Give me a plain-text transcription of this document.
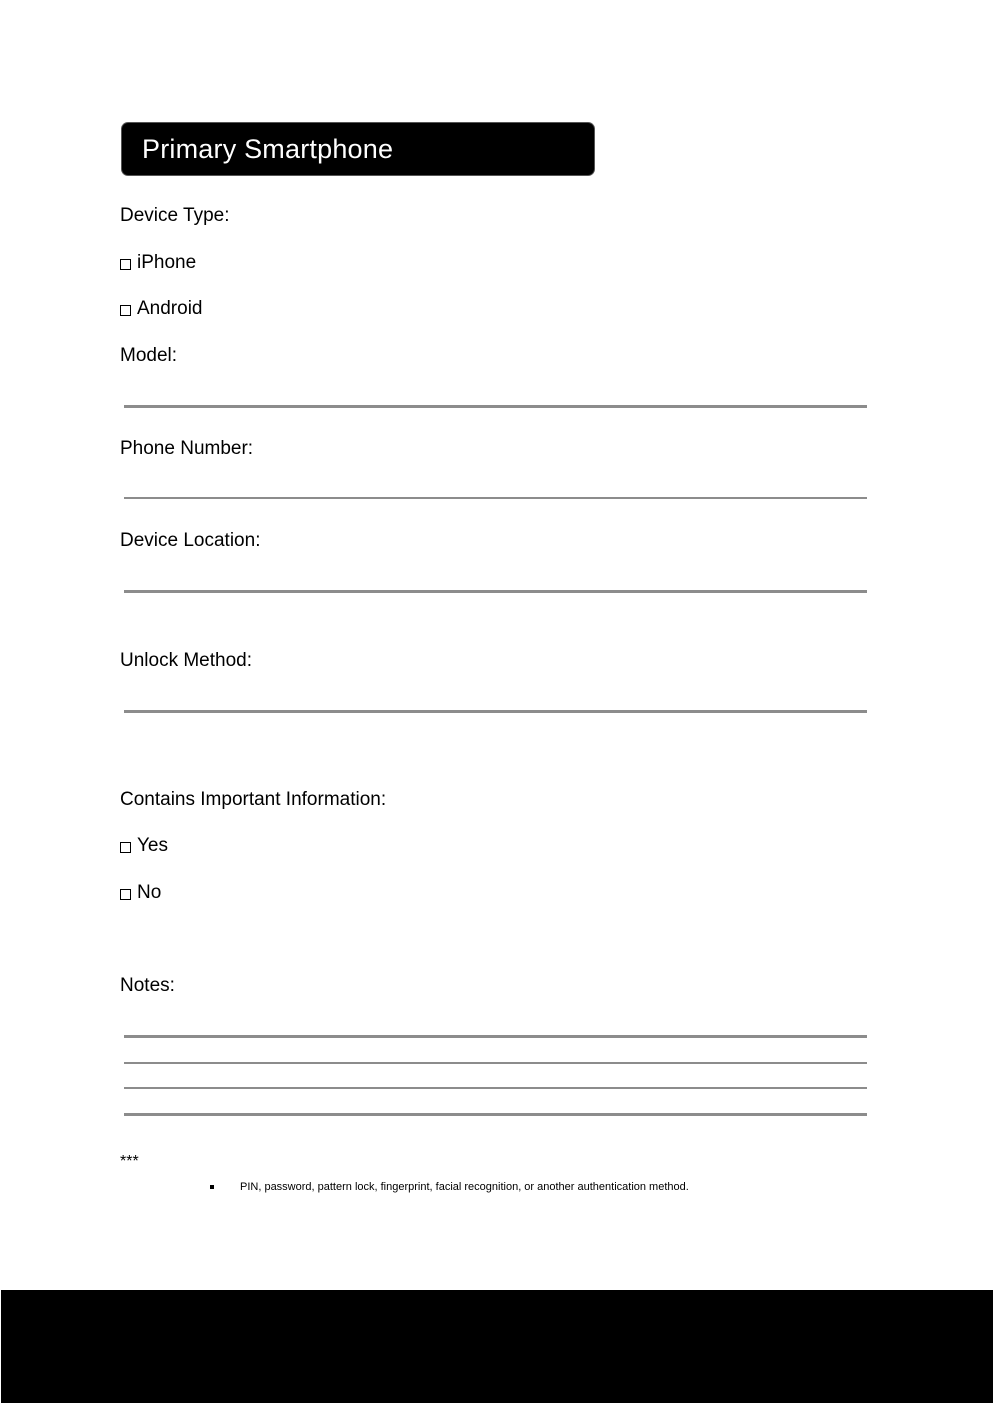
Primary Smartphone
Device Type:
iPhone
Android
Model:
Phone Number:
Device Location:
Unlock Method:
Contains Important Information:
Yes
No
Notes:
***
PIN, password, pattern lock, fingerprint, facial recognition, or another authentication method.
